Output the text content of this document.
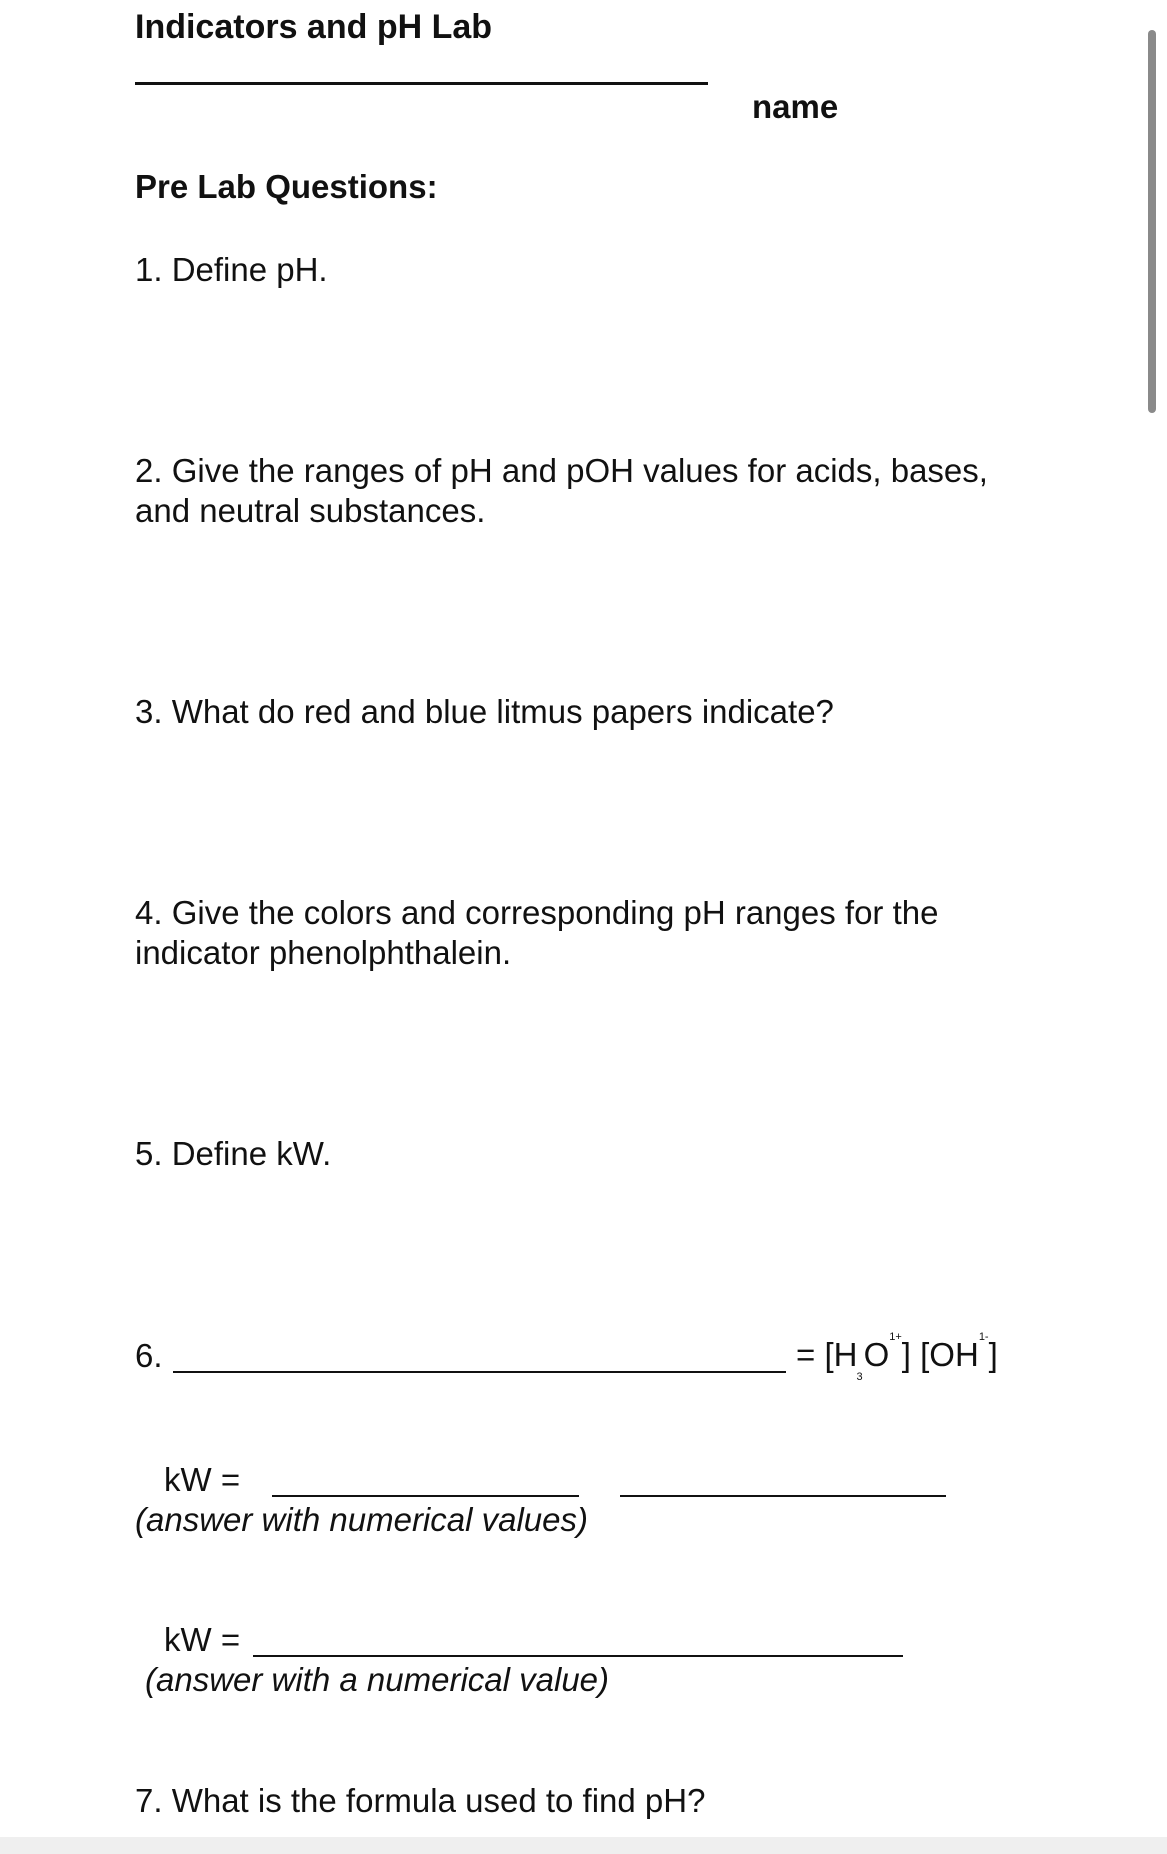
Indicators and pH Lab
name
Pre Lab Questions:
1. Define pH.
2. Give the ranges of pH and pOH values for acids, bases,
and neutral substances.
3. What do red and blue litmus papers indicate?
4. Give the colors and corresponding pH ranges for the
indicator phenolphthalein.
5. Define kW.
6.	= $[H_3O^{1+}]$ $[OH^{1-}]$
kW =
(answer with numerical values)
kW =
(answer with a numerical value)
7. What is the formula used to find pH?
